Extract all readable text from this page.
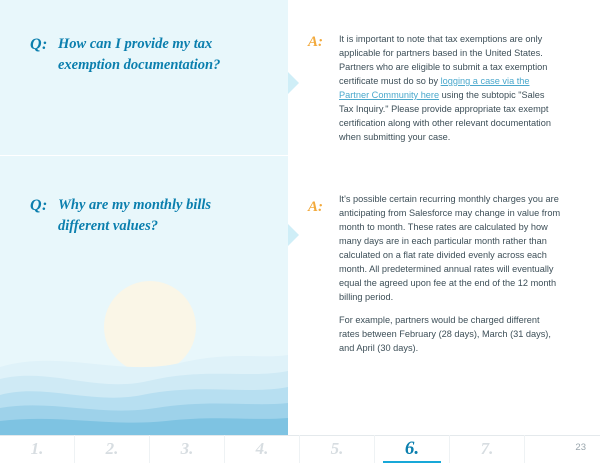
Q: How can I provide my tax exemption documentation?
A: It is important to note that tax exemptions are only applicable for partners based in the United States. Partners who are eligible to submit a tax exemption certificate must do so by logging a case via the Partner Community here using the subtopic "Sales Tax Inquiry." Please provide appropriate tax exempt certification along with other relevant documentation when submitting your case.

Q: Why are my monthly bills different values?
A: It's possible certain recurring monthly charges you are anticipating from Salesforce may change in value from month to month. These rates are calculated by how many days are in each particular month rather than calculated on a flat rate divided evenly across each month. All predetermined annual rates will eventually equal the agreed upon fee at the end of the 12 month billing period.

For example, partners would be charged different rates between February (28 days), March (31 days), and April (30 days).

1.	2.	3.	4.	5.	6.	7.	23
